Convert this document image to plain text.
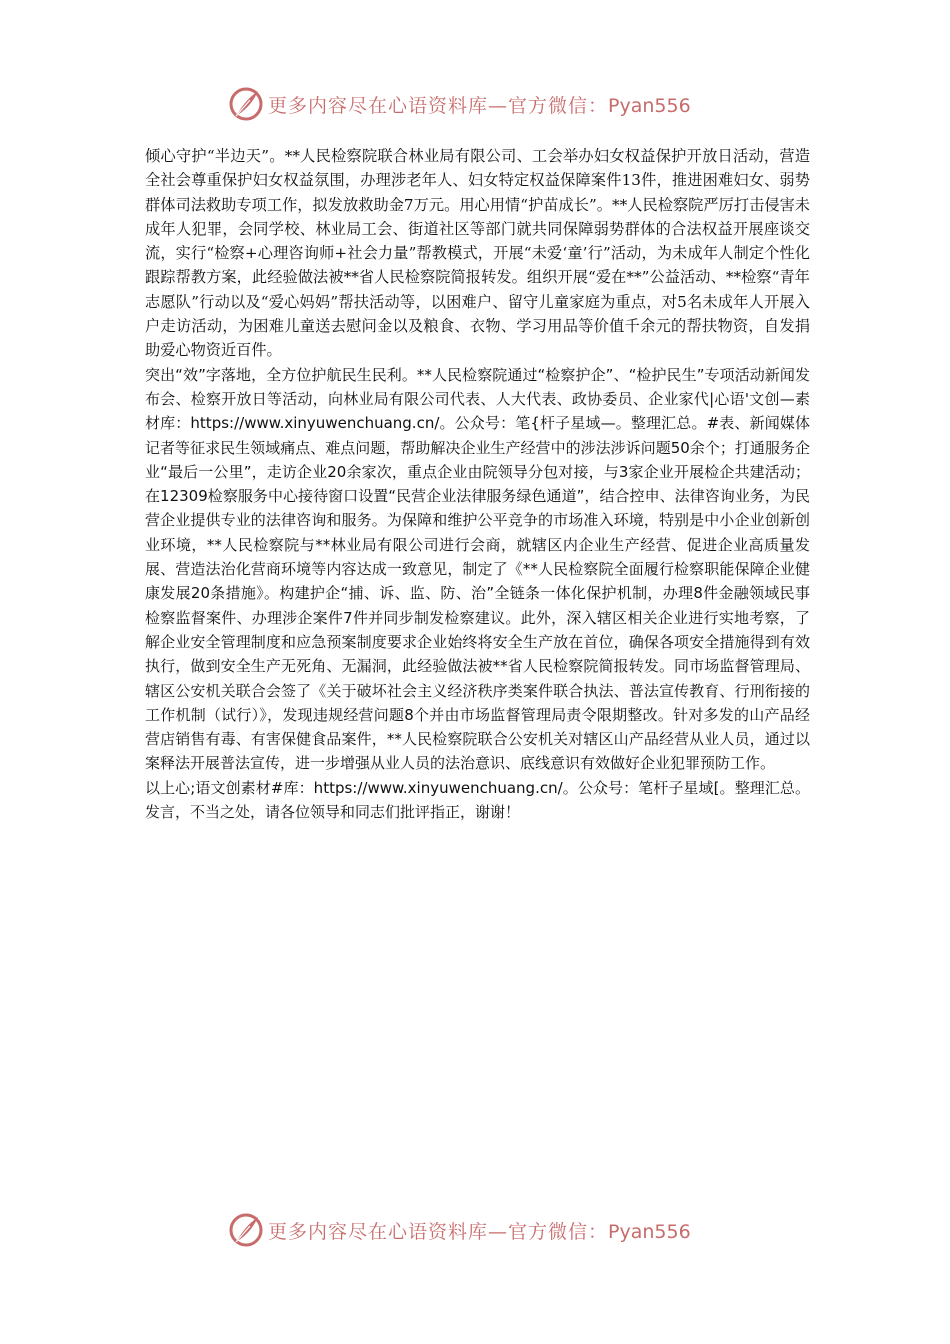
更多内容尽在心语资料库—官方微信：Pyan556

倾心守护“半边天”。**人民检察院联合林业局有限公司、工会举办妇女权益保护开放日活动，营造全社会尊重保护妇女权益氛围，办理涉老年人、妇女特定权益保障案件13件，推进困难妇女、弱势群体司法救助专项工作，拟发放救助金7万元。用心用情“护苗成长”。**人民检察院严厉打击侵害未成年人犯罪，会同学校、林业局工会、街道社区等部门就共同保障弱势群体的合法权益开展座谈交流，实行“检察+心理咨询师+社会力量”帮教模式，开展“未爱‘童’行”活动，为未成年人制定个性化跟踪帮教方案，此经验做法被**省人民检察院简报转发。组织开展“爱在**”公益活动、**检察“青年志愿队”行动以及“爱心妈妈”帮扶活动等，以困难户、留守儿童家庭为重点，对5名未成年人开展入户走访活动，为困难儿童送去慰问金以及粮食、衣物、学习用品等价值千余元的帮扶物资，自发捐助爱心物资近百件。

突出“效”字落地，全方位护航民生民利。**人民检察院通过“检察护企”、“检护民生”专项活动新闻发布会、检察开放日等活动，向林业局有限公司代表、人大代表、政协委员、企业家代|心语'文创—素材库：https://www.xinyuwenchuang.cn/。公众号：笔{杆子星域—。整理汇总。#表、新闻媒体记者等征求民生领域痛点、难点问题，帮助解决企业生产经营中的涉法涉诉问题50余个；打通服务企业“最后一公里”，走访企业20余家次，重点企业由院领导分包对接，与3家企业开展检企共建活动；在12309检察服务中心接待窗口设置“民营企业法律服务绿色通道”，结合控申、法律咨询业务，为民营企业提供专业的法律咨询和服务。为保障和维护公平竞争的市场准入环境，特别是中小企业创新创业环境，**人民检察院与**林业局有限公司进行会商，就辖区内企业生产经营、促进企业高质量发展、营造法治化营商环境等内容达成一致意见，制定了《**人民检察院全面履行检察职能保障企业健康发展20条措施》。构建护企“捕、诉、监、防、治”全链条一体化保护机制，办理8件金融领域民事检察监督案件、办理涉企案件7件并同步制发检察建议。此外，深入辖区相关企业进行实地考察，了解企业安全管理制度和应急预案制度要求企业始终将安全生产放在首位，确保各项安全措施得到有效执行，做到安全生产无死角、无漏洞，此经验做法被**省人民检察院简报转发。同市场监督管理局、辖区公安机关联合会签了《关于破坏社会主义经济秩序类案件联合执法、普法宣传教育、行刑衔接的工作机制（试行）》，发现违规经营问题8个并由市场监督管理局责令限期整改。针对多发的山产品经营店销售有毒、有害保健食品案件，**人民检察院联合公安机关对辖区山产品经营从业人员，通过以案释法开展普法宣传，进一步增强从业人员的法治意识、底线意识有效做好企业犯罪预防工作。

以上心;语文创素材#库：https://www.xinyuwenchuang.cn/。公众号：笔杆子星域[。整理汇总。发言，不当之处，请各位领导和同志们批评指正，谢谢！

更多内容尽在心语资料库—官方微信：Pyan556
